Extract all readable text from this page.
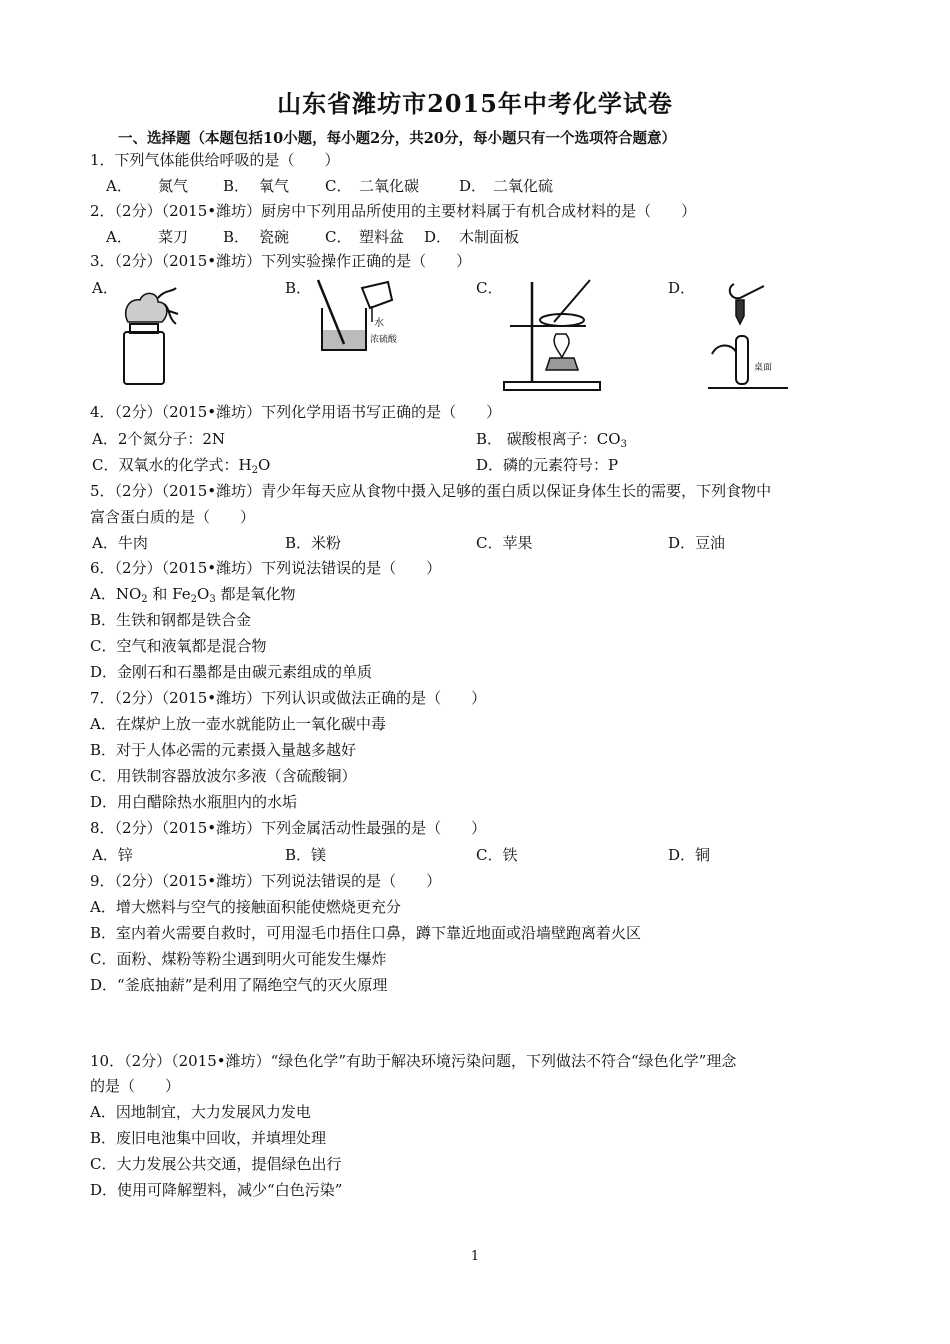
山东省潍坊市2015年中考化学试卷
一、选择题（本题包括10小题，每小题2分，共20分，每小题只有一个选项符合题意）
1．下列气体能供给呼吸的是（　　）
A． 氮气 B． 氧气 C． 二氧化碳	D． 二氧化硫
2．（2分）（2015•潍坊）厨房中下列用品所使用的主要材料属于有机合成材料的是（　　）
A． 菜刀 B． 瓷碗 C． 塑料盆 D． 木制面板
3．（2分）（2015•潍坊）下列实验操作正确的是（　　）
A．	B．	C．	D．
水
浓硫酸
桌面
4．（2分）（2015•潍坊）下列化学用语书写正确的是（　　）
A．2个氮分子：2N	B． 碳酸根离子：$CO_3$
C．双氧水的化学式：$H_2O$	D．磷的元素符号：P
5．（2分）（2015•潍坊）青少年每天应从食物中摄入足够的蛋白质以保证身体生长的需要，下列食物中
富含蛋白质的是（　　）
A．牛肉	B．米粉	C．苹果	D．豆油
6．（2分）（2015•潍坊）下列说法错误的是（　　）
A．$NO_2$ 和 $Fe_2O_3$ 都是氧化物
B．生铁和钢都是铁合金
C．空气和液氧都是混合物
D．金刚石和石墨都是由碳元素组成的单质
7．（2分）（2015•潍坊）下列认识或做法正确的是（　　）
A．在煤炉上放一壶水就能防止一氧化碳中毒
B．对于人体必需的元素摄入量越多越好
C．用铁制容器放波尔多液（含硫酸铜）
D．用白醋除热水瓶胆内的水垢
8．（2分）（2015•潍坊）下列金属活动性最强的是（　　）
A．锌	B．镁	C．铁	D．铜
9．（2分）（2015•潍坊）下列说法错误的是（　　）
A．增大燃料与空气的接触面积能使燃烧更充分
B．室内着火需要自救时，可用湿毛巾捂住口鼻，蹲下靠近地面或沿墙壁跑离着火区
C．面粉、煤粉等粉尘遇到明火可能发生爆炸
D．“釜底抽薪”是利用了隔绝空气的灭火原理
10．（2分）（2015•潍坊）“绿色化学”有助于解决环境污染问题，下列做法不符合“绿色化学”理念
的是（　　）
A．因地制宜，大力发展风力发电
B．废旧电池集中回收，并填埋处理
C．大力发展公共交通，提倡绿色出行
D．使用可降解塑料，减少“白色污染”
1
